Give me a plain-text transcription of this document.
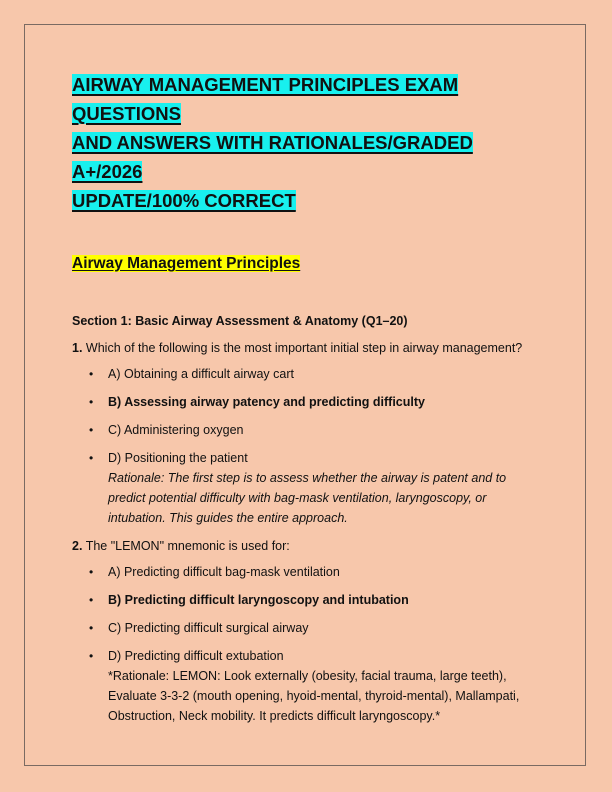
AIRWAY MANAGEMENT PRINCIPLES EXAM QUESTIONS
AND ANSWERS WITH RATIONALES/GRADED A+/2026
UPDATE/100% CORRECT
Airway Management Principles
Section 1: Basic Airway Assessment & Anatomy (Q1–20)

1. Which of the following is the most important initial step in airway management?

• A) Obtaining a difficult airway cart
• B) Assessing airway patency and predicting difficulty
• C) Administering oxygen
• D) Positioning the patient
Rationale: The first step is to assess whether the airway is patent and to predict potential difficulty with bag-mask ventilation, laryngoscopy, or intubation. This guides the entire approach.

2. The "LEMON" mnemonic is used for:

• A) Predicting difficult bag-mask ventilation
• B) Predicting difficult laryngoscopy and intubation
• C) Predicting difficult surgical airway
• D) Predicting difficult extubation
*Rationale: LEMON: Look externally (obesity, facial trauma, large teeth), Evaluate 3-3-2 (mouth opening, hyoid-mental, thyroid-mental), Mallampati, Obstruction, Neck mobility. It predicts difficult laryngoscopy.*
